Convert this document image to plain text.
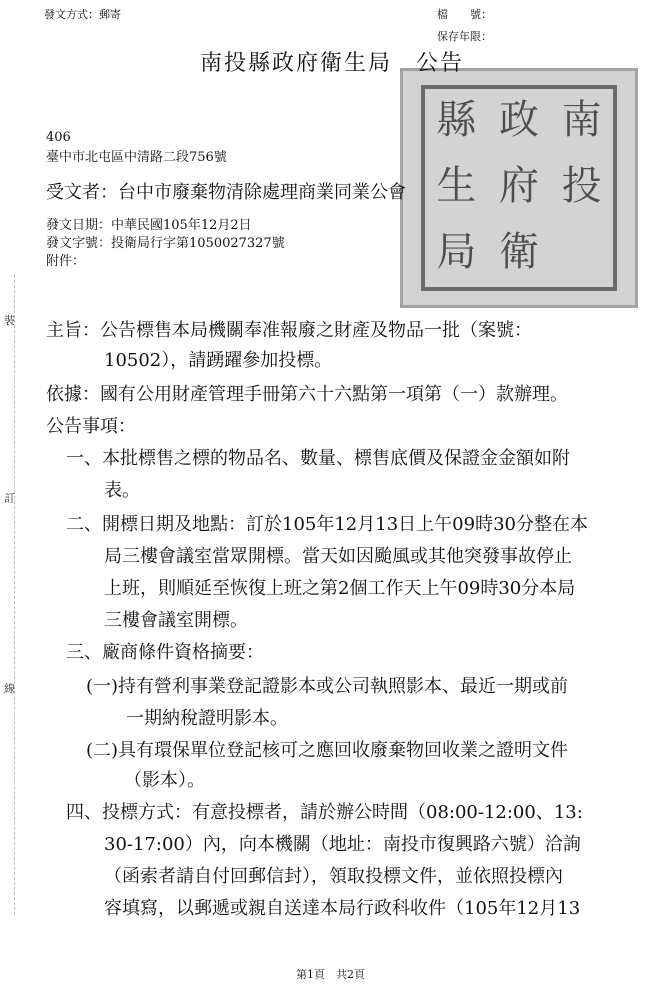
發文方式：郵寄	檔　　號：
保存年限：
縣 政 南
生 府 投
局 衛
南投縣政府衛生局　公告
406
臺中市北屯區中清路二段756號
受文者：台中市廢棄物清除處理商業同業公會
發文日期：中華民國105年12月2日
發文字號：投衛局行字第1050027327號
附件：
裝
訂
線
主旨：公告標售本局機關奉准報廢之財產及物品一批（案號：
10502），請踴躍參加投標。
依據：國有公用財產管理手冊第六十六點第一項第（一）款辦理。
公告事項：
一、本批標售之標的物品名、數量、標售底價及保證金金額如附
表。
二、開標日期及地點：訂於105年12月13日上午09時30分整在本
局三樓會議室當眾開標。當天如因颱風或其他突發事故停止
上班，則順延至恢復上班之第2個工作天上午09時30分本局
三樓會議室開標。
三、廠商條件資格摘要：
(一)持有營利事業登記證影本或公司執照影本、最近一期或前
一期納稅證明影本。
(二)具有環保單位登記核可之應回收廢棄物回收業之證明文件
（影本）。
四、投標方式：有意投標者，請於辦公時間（08:00-12:00、13:
30-17:00）內，向本機關（地址：南投市復興路六號）洽詢
（函索者請自付回郵信封），領取投標文件，並依照投標內
容填寫，以郵遞或親自送達本局行政科收件（105年12月13
第1頁　共2頁
